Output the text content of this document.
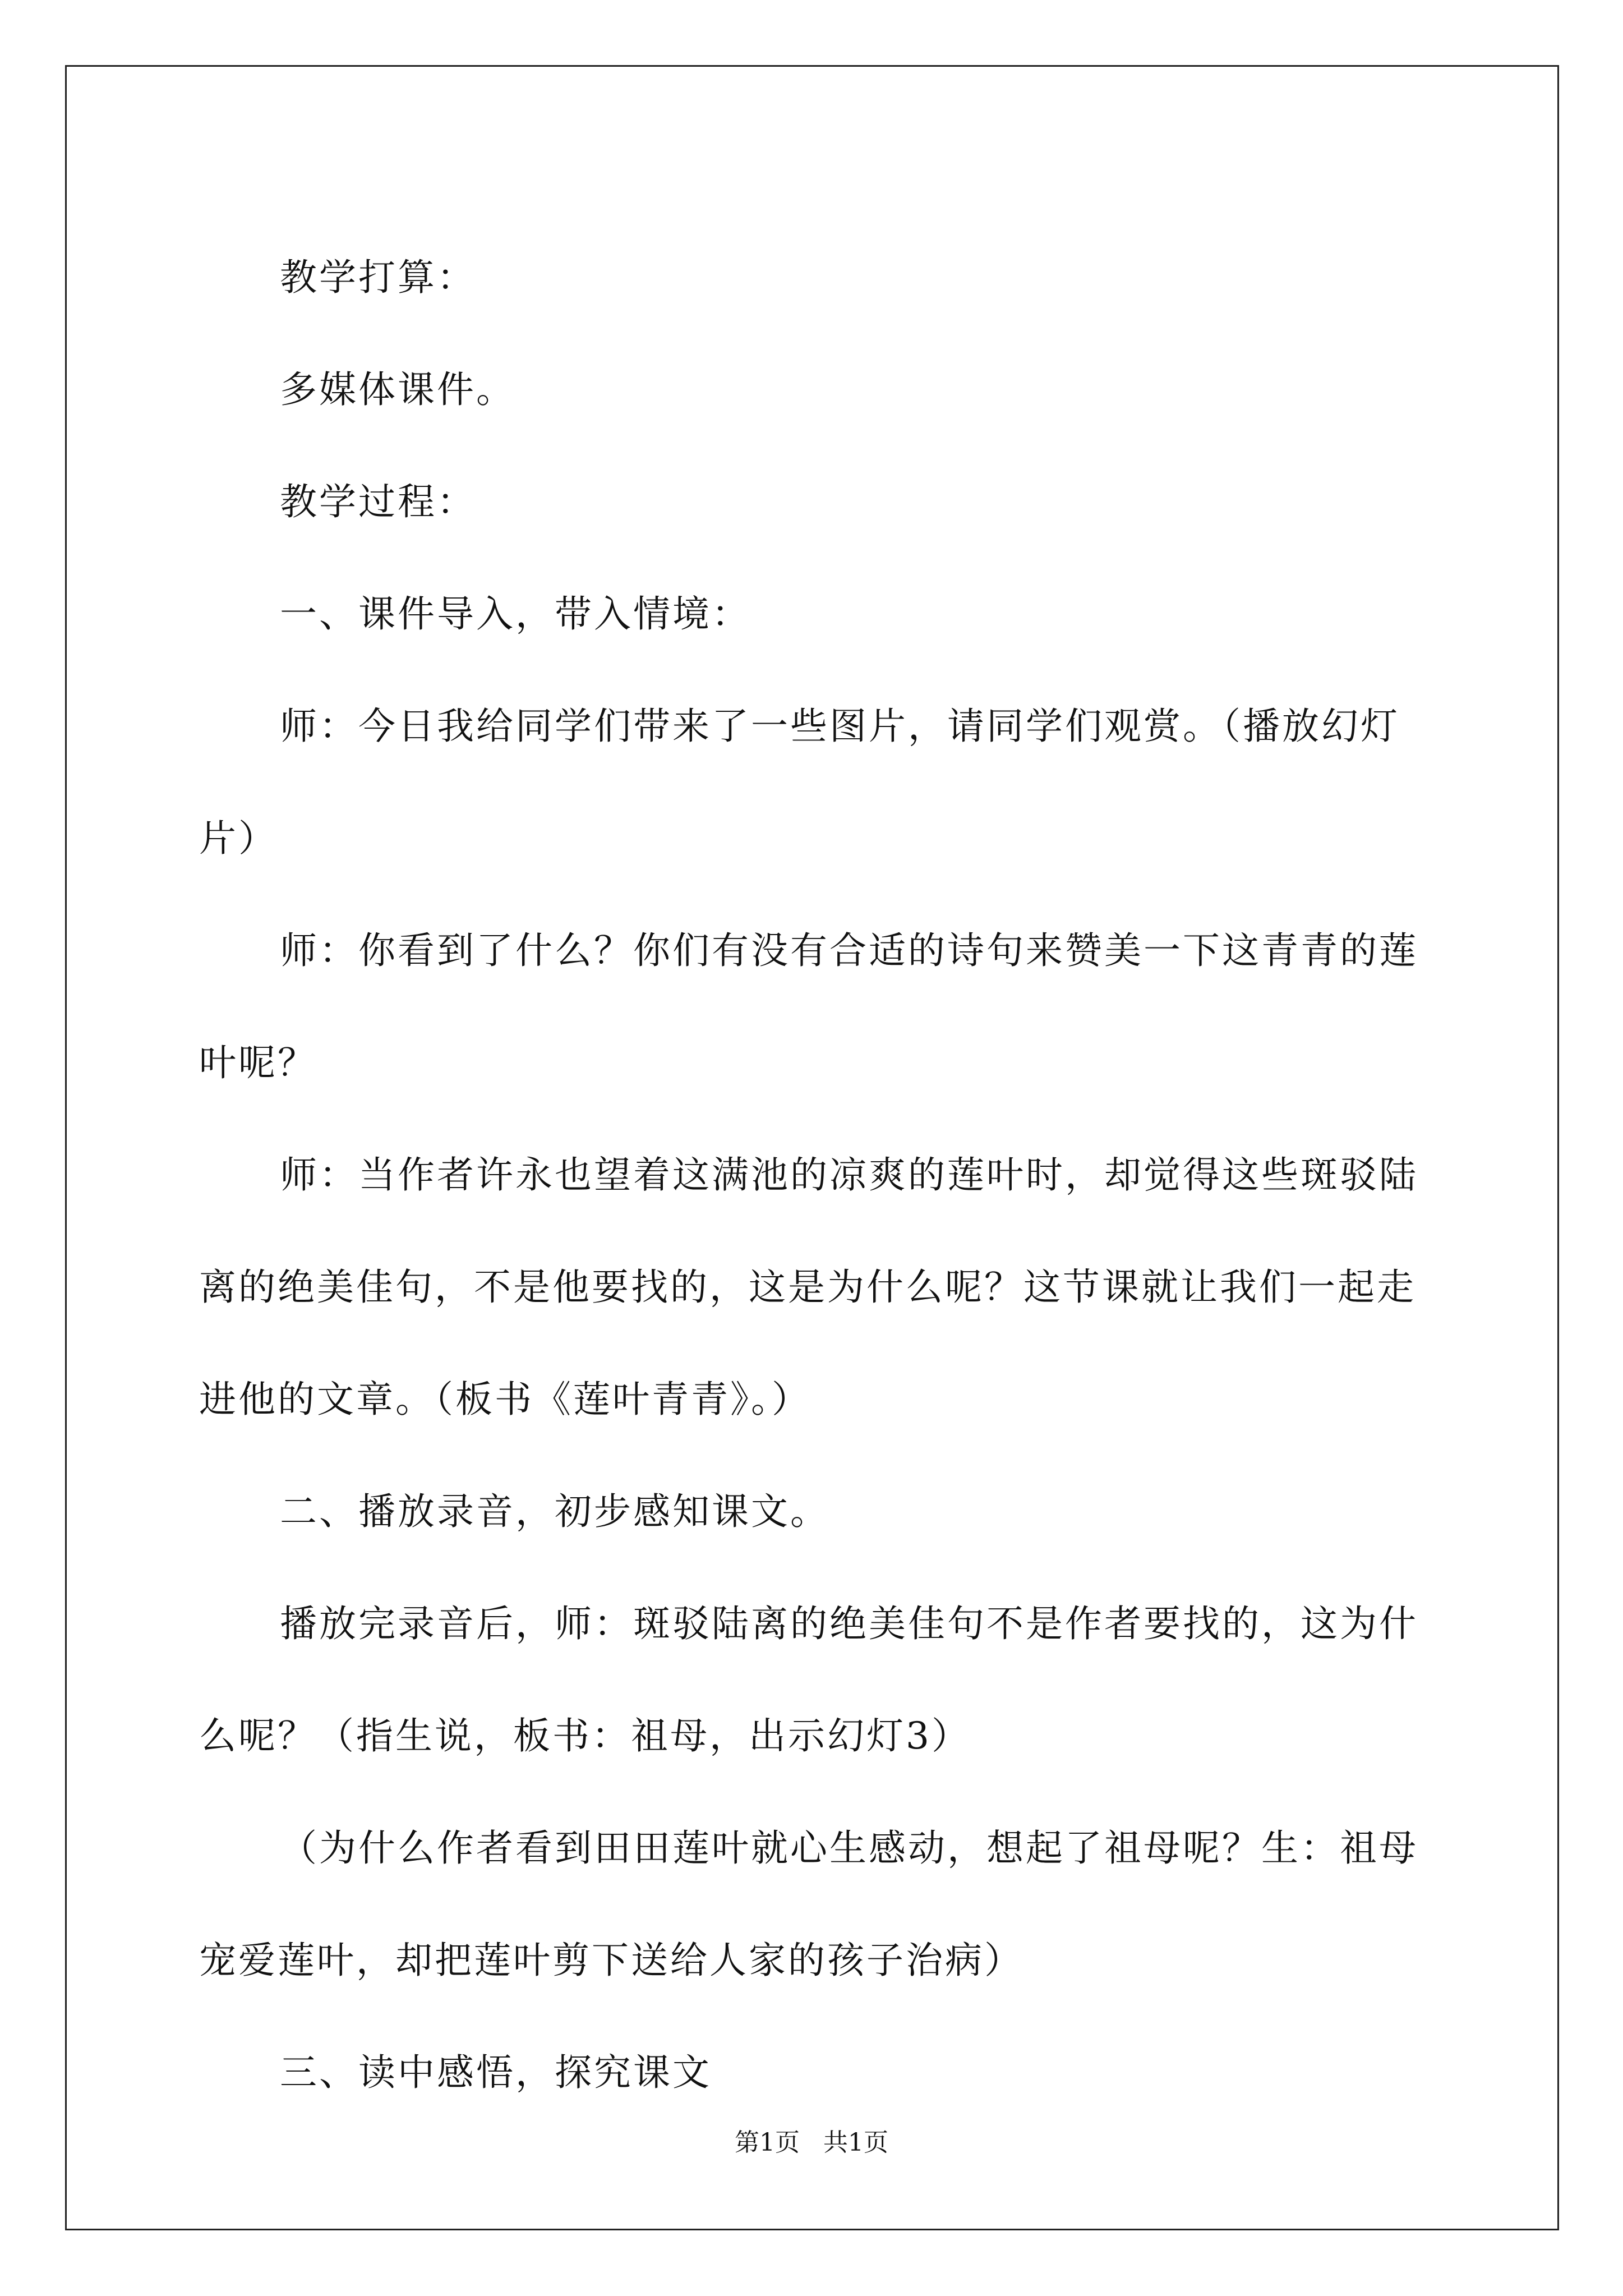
教学打算：

多媒体课件。

教学过程：

一、课件导入，带入情境：

师：今日我给同学们带来了一些图片，请同学们观赏。（播放幻灯片）

师：你看到了什么？你们有没有合适的诗句来赞美一下这青青的莲叶呢？

师：当作者许永也望着这满池的凉爽的莲叶时，却觉得这些斑驳陆离的绝美佳句，不是他要找的，这是为什么呢？这节课就让我们一起走进他的文章。（板书《莲叶青青》。）

二、播放录音，初步感知课文。

播放完录音后，师：斑驳陆离的绝美佳句不是作者要找的，这为什么呢？（指生说，板书：祖母，出示幻灯3）

（为什么作者看到田田莲叶就心生感动，想起了祖母呢？生：祖母宠爱莲叶，却把莲叶剪下送给人家的孩子治病）

三、读中感悟，探究课文

第1页 共1页
